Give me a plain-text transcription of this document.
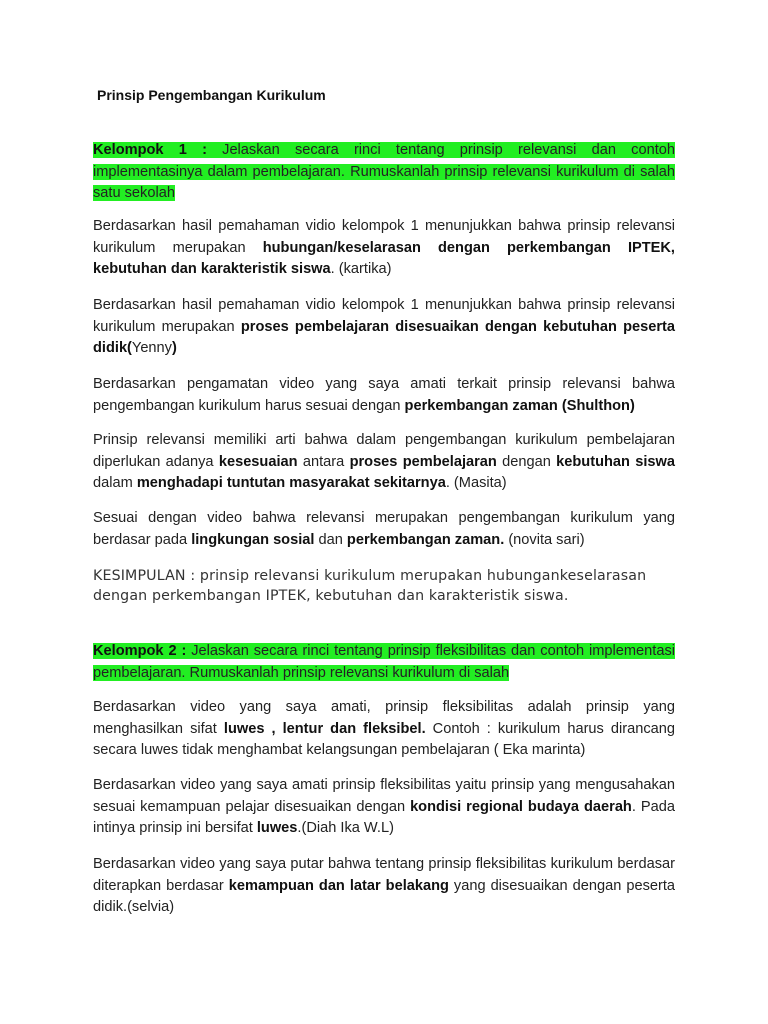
Prinsip Pengembangan Kurikulum

Kelompok 1 : Jelaskan secara rinci tentang prinsip relevansi dan contoh implementasinya dalam pembelajaran. Rumuskanlah prinsip relevansi kurikulum di salah satu sekolah

Berdasarkan hasil pemahaman vidio kelompok 1 menunjukkan bahwa prinsip relevansi kurikulum merupakan hubungan/keselarasan dengan perkembangan IPTEK, kebutuhan dan karakteristik siswa. (kartika)

Berdasarkan hasil pemahaman vidio kelompok 1 menunjukkan bahwa prinsip relevansi kurikulum merupakan proses pembelajaran disesuaikan dengan kebutuhan peserta didik(Yenny)

Berdasarkan pengamatan video yang saya amati terkait prinsip relevansi bahwa pengembangan kurikulum harus sesuai dengan perkembangan zaman (Shulthon)

Prinsip relevansi memiliki arti bahwa dalam pengembangan kurikulum pembelajaran diperlukan adanya kesesuaian antara proses pembelajaran dengan kebutuhan siswa dalam menghadapi tuntutan masyarakat sekitarnya. (Masita)

Sesuai dengan video bahwa relevansi merupakan pengembangan kurikulum yang berdasar pada lingkungan sosial dan perkembangan zaman. (novita sari)

KESIMPULAN : prinsip relevansi kurikulum merupakan hubungankeselarasan dengan perkembangan IPTEK, kebutuhan dan karakteristik siswa.

Kelompok 2 : Jelaskan secara rinci tentang prinsip fleksibilitas dan contoh implementasi pembelajaran. Rumuskanlah prinsip relevansi kurikulum di salah

Berdasarkan video yang saya amati, prinsip fleksibilitas adalah prinsip yang menghasilkan sifat luwes , lentur dan fleksibel. Contoh : kurikulum harus dirancang secara luwes tidak menghambat kelangsungan pembelajaran ( Eka marinta)

Berdasarkan video yang saya amati prinsip fleksibilitas yaitu prinsip yang mengusahakan sesuai kemampuan pelajar disesuaikan dengan kondisi regional budaya daerah. Pada intinya prinsip ini bersifat luwes.(Diah Ika W.L)

Berdasarkan video yang saya putar bahwa tentang prinsip fleksibilitas kurikulum berdasar diterapkan berdasar kemampuan dan latar belakang yang disesuaikan dengan peserta didik.(selvia)
